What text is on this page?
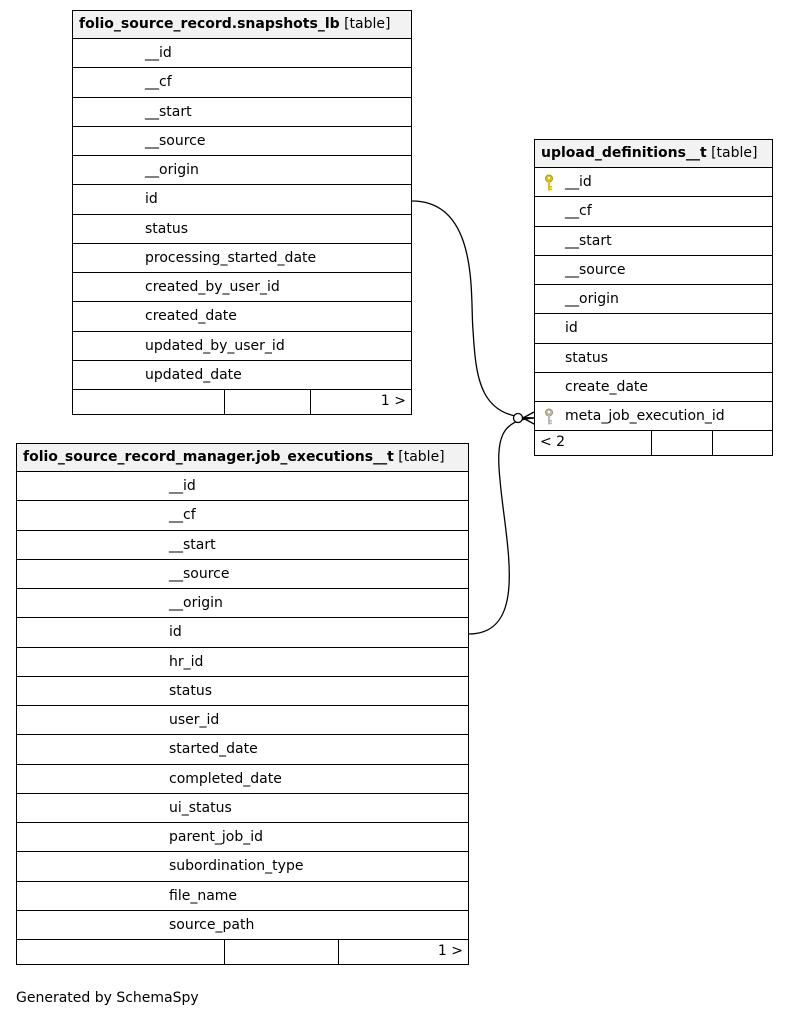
folio_source_record.snapshots_lb [table]
__id
__cf
__start
__source
__origin
id
status
processing_started_date
created_by_user_id
created_date
updated_by_user_id
updated_date
1 >
upload_definitions__t [table]
__id
__cf
__start
__source
__origin
id
status
create_date
meta_job_execution_id
< 2
folio_source_record_manager.job_executions__t [table]
__id
__cf
__start
__source
__origin
id
hr_id
status
user_id
started_date
completed_date
ui_status
parent_job_id
subordination_type
file_name
source_path
1 >
Generated by SchemaSpy
